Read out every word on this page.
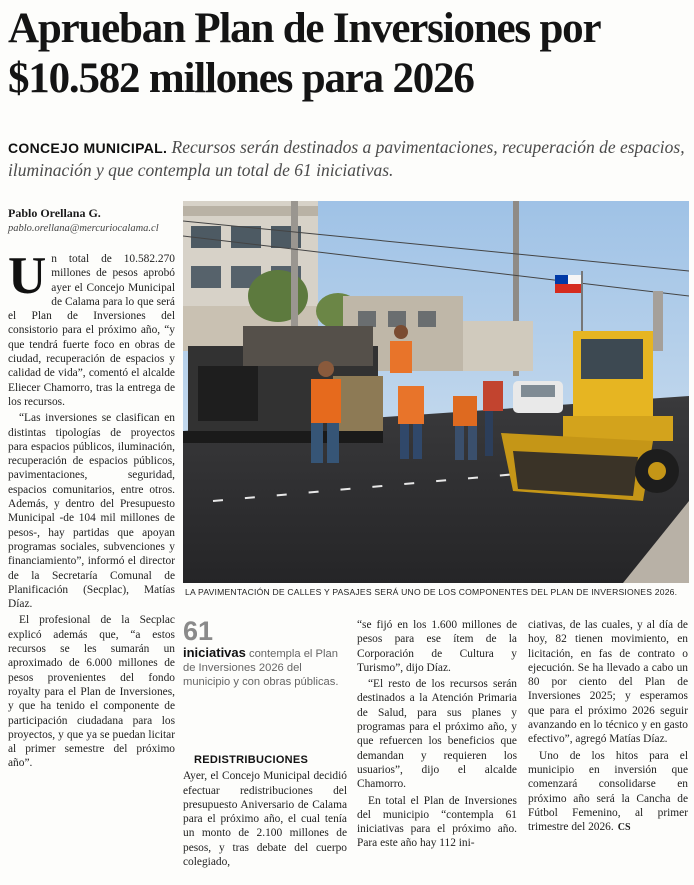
Aprueban Plan de Inversiones por $10.582 millones para 2026

CONCEJO MUNICIPAL. Recursos serán destinados a pavimentaciones, recuperación de espacios, iluminación y que contempla un total de 61 iniciativas.

LA PAVIMENTACIÓN DE CALLES Y PASAJES SERÁ UNO DE LOS COMPONENTES DEL PLAN DE INVERSIONES 2026.

Pablo Orellana G.

pablo.orellana@mercuriocalama.cl

Un total de 10.582.270 millones de pesos aprobó ayer el Concejo Municipal de Calama para lo que será el Plan de Inversiones del consistorio para el próximo año, “y que tendrá fuerte foco en obras de ciudad, recuperación de espacios y calidad de vida”, comentó el alcalde Eliecer Chamorro, tras la entrega de los recursos.

“Las inversiones se clasifican en distintas tipologías de proyectos para espacios públicos, iluminación, recuperación de espacios públicos, pavimentaciones, seguridad, espacios comunitarios, entre otros. Además, y dentro del Presupuesto Municipal -de 104 mil millones de pesos-, hay partidas que apoyan programas sociales, subvenciones y financiamiento”, informó el director de la Secretaría Comunal de Planificación (Secplac), Matías Díaz.

El profesional de la Secplac explicó además que, “a estos recursos se les sumarán un aproximado de 6.000 millones de pesos provenientes del fondo royalty para el Plan de Inversiones, y que ha tenido el componente de participación ciudadana para los proyectos, y que ya se puedan licitar al primer semestre del próximo año”.

61

iniciativas contempla el Plan de Inversiones 2026 del municipio y con obras públicas.

REDISTRIBUCIONES

Ayer, el Concejo Municipal decidió efectuar redistribuciones del presupuesto Aniversario de Calama para el próximo año, el cual tenía un monto de 2.100 millones de pesos, y tras debate del cuerpo colegiado,

“se fijó en los 1.600 millones de pesos para ese ítem de la Corporación de Cultura y Turismo”, dijo Díaz.

“El resto de los recursos serán destinados a la Atención Primaria de Salud, para sus planes y programas para el próximo año, y que refuercen los beneficios que demandan y requieren los usuarios”, dijo el alcalde Chamorro.

En total el Plan de Inversiones del municipio “contempla 61 iniciativas para el próximo año. Para este año hay 112 ini-

ciativas, de las cuales, y al día de hoy, 82 tienen movimiento, en licitación, en fas de contrato o ejecución. Se ha llevado a cabo un 80 por ciento del Plan de Inversiones 2025; y esperamos que para el próximo 2026 seguir avanzando en lo técnico y en gasto efectivo”, agregó Matías Díaz.

Uno de los hitos para el municipio en inversión que comenzará consolidarse en próximo año será la Cancha de Fútbol Femenino, al primer trimestre del 2026. CS
